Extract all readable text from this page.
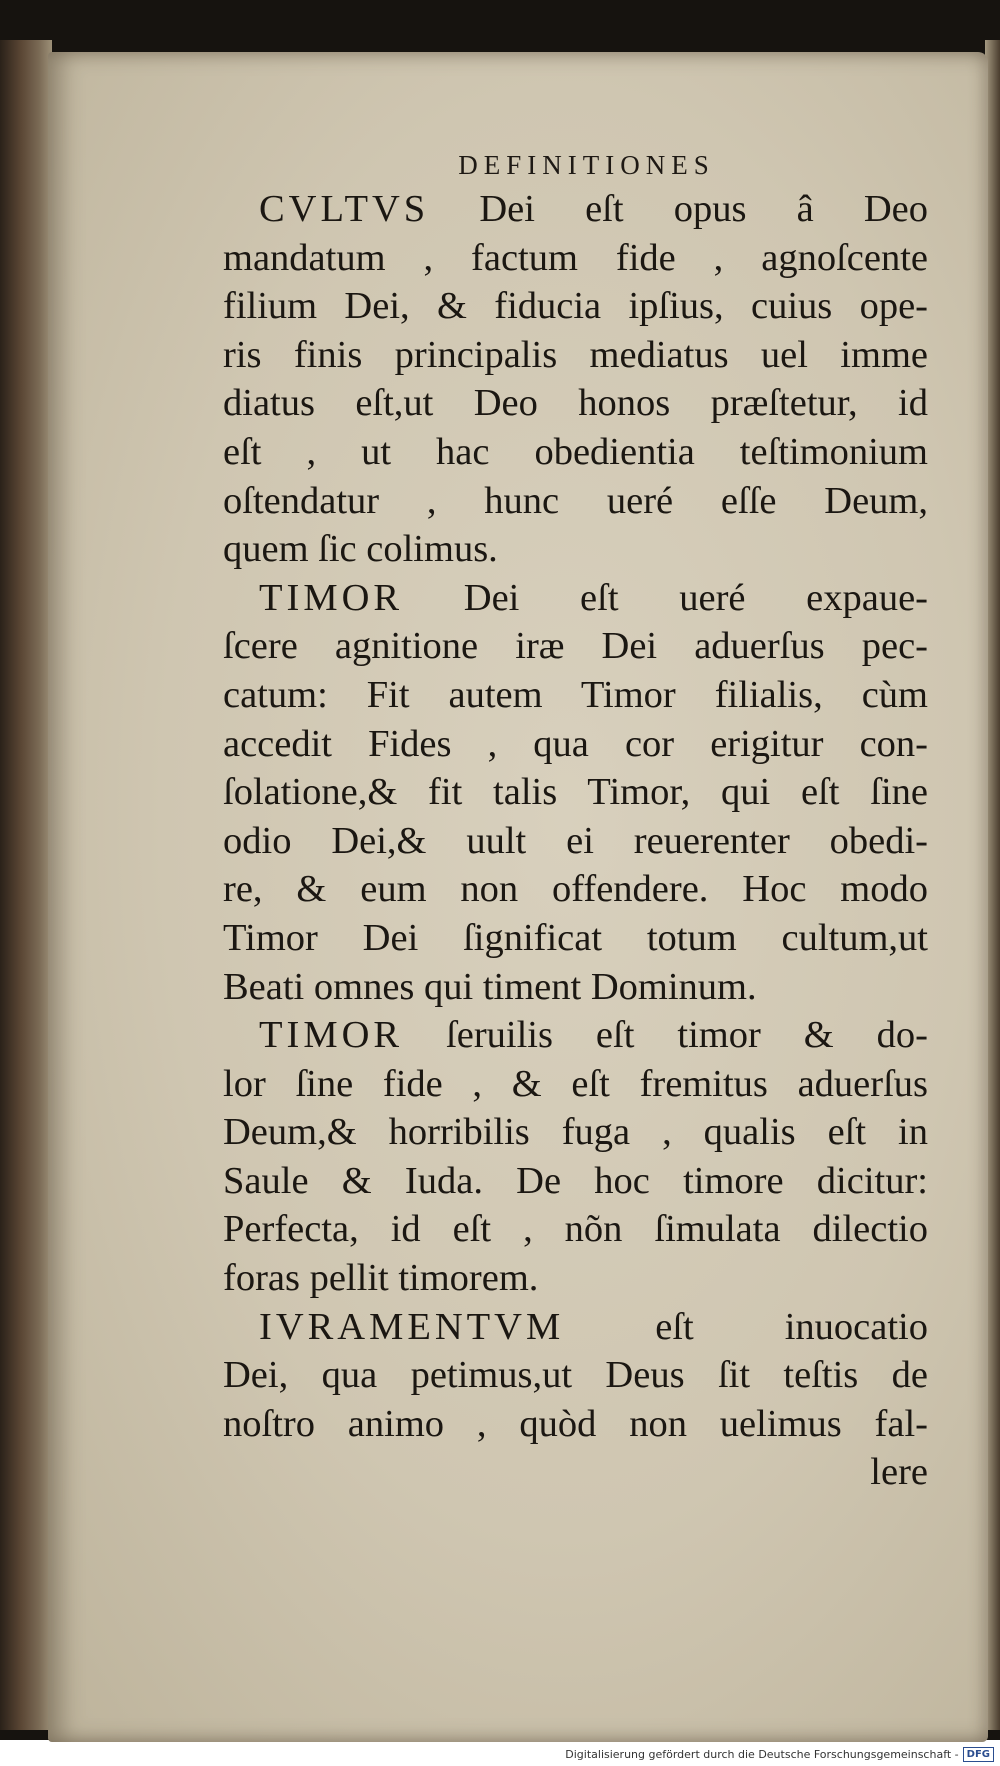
DEFINITIONES
CVLTVS Dei eſt opus â Deo
mandatum , factum fide , agnoſcente
filium Dei, & fiducia ipſius, cuius ope-
ris finis principalis mediatus uel imme
diatus eſt,ut Deo honos præſtetur, id
eſt , ut hac obedientia teſtimonium
oſtendatur , hunc ueré eſſe Deum,
quem ſic colimus.
TIMOR Dei eſt ueré expaue-
ſcere agnitione iræ Dei aduerſus pec-
catum: Fit autem Timor filialis, cùm
accedit Fides , qua cor erigitur con-
ſolatione,& fit talis Timor, qui eſt ſine
odio Dei,& uult ei reuerenter obedi-
re, & eum non offendere. Hoc modo
Timor Dei ſignificat totum cultum,ut
Beati omnes qui timent Dominum.
TIMOR ſeruilis eſt timor & do-
lor ſine fide , & eſt fremitus aduerſus
Deum,& horribilis fuga , qualis eſt in
Saule & Iuda. De hoc timore dicitur:
Perfecta, id eſt , nõn ſimulata dilectio
foras pellit timorem.
IVRAMENTVM eſt inuocatio
Dei, qua petimus,ut Deus ſit teſtis de
noſtro animo , quòd non uelimus fal-
lere
Digitalisierung gefördert durch die Deutsche Forschungsgemeinschaft - DFG
